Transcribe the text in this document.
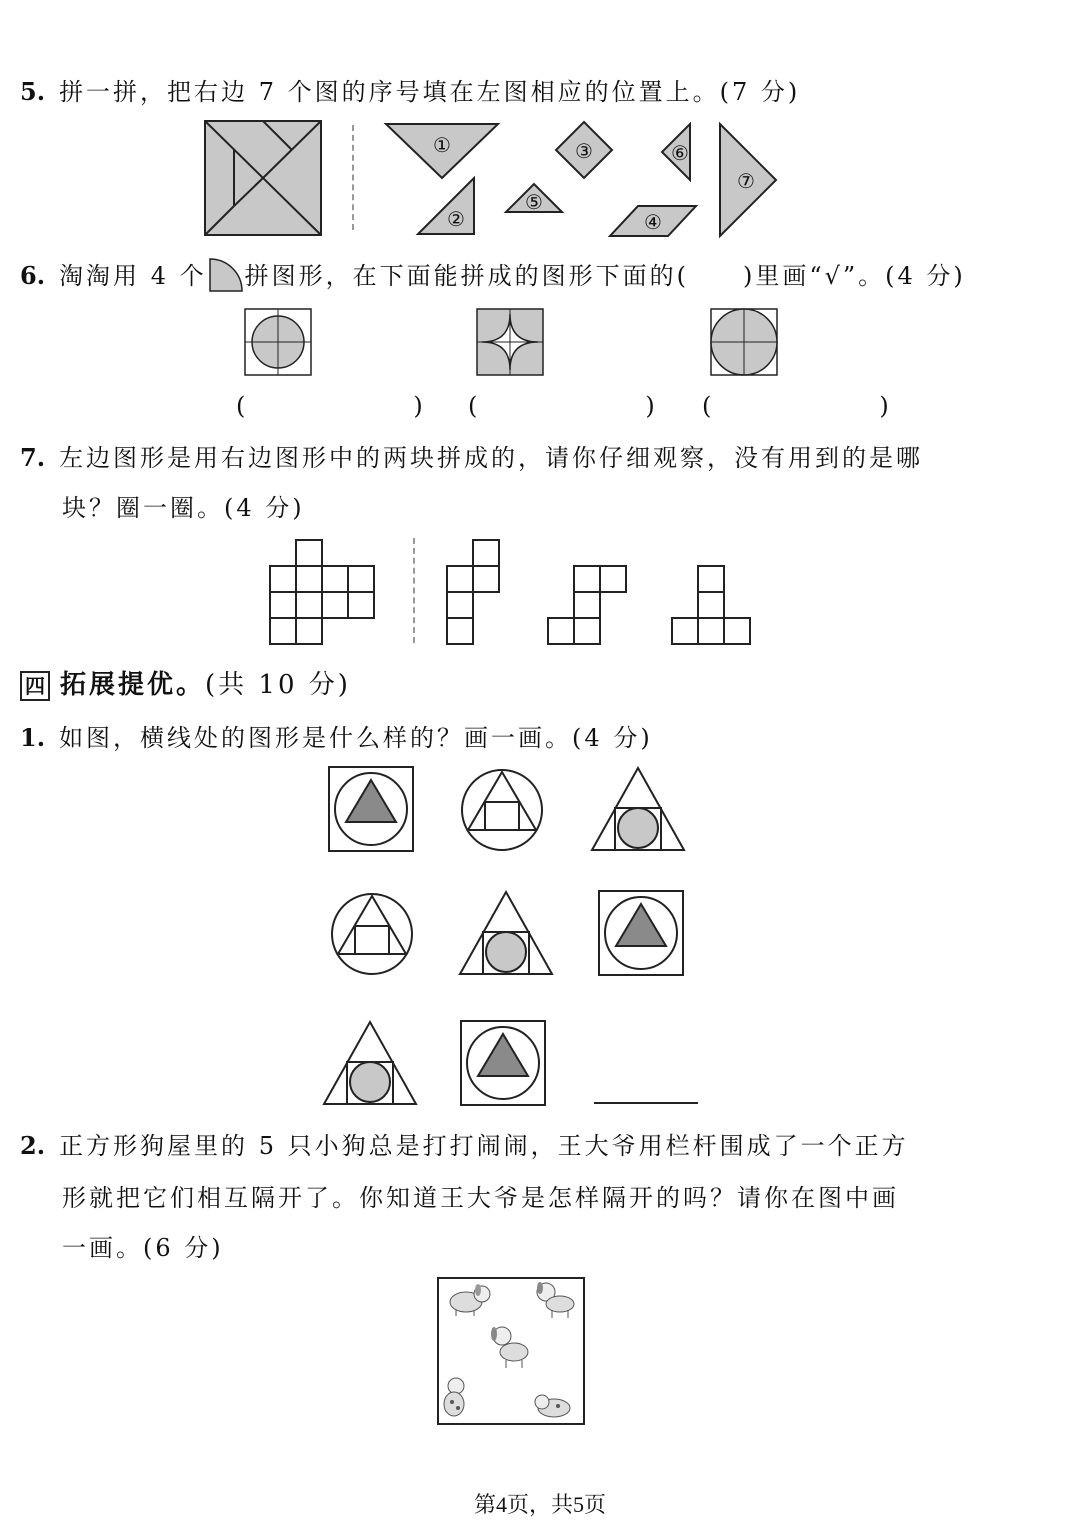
5. 拼一拼，把右边 7 个图的序号填在左图相应的位置上。(7 分)
①
②
③
⑤
④
⑥
⑦
6. 淘淘用 4 个 拼图形，在下面能拼成的图形下面的(　　)里画“√”。(4 分)
(　　) (　　) (　　)
7. 左边图形是用右边图形中的两块拼成的，请你仔细观察，没有用到的是哪
块？圈一圈。(4 分)
四 拓展提优。(共 10 分)
1. 如图，横线处的图形是什么样的？画一画。(4 分)
2. 正方形狗屋里的 5 只小狗总是打打闹闹，王大爷用栏杆围成了一个正方
形就把它们相互隔开了。你知道王大爷是怎样隔开的吗？请你在图中画
一画。(6 分)
第4页，共5页
